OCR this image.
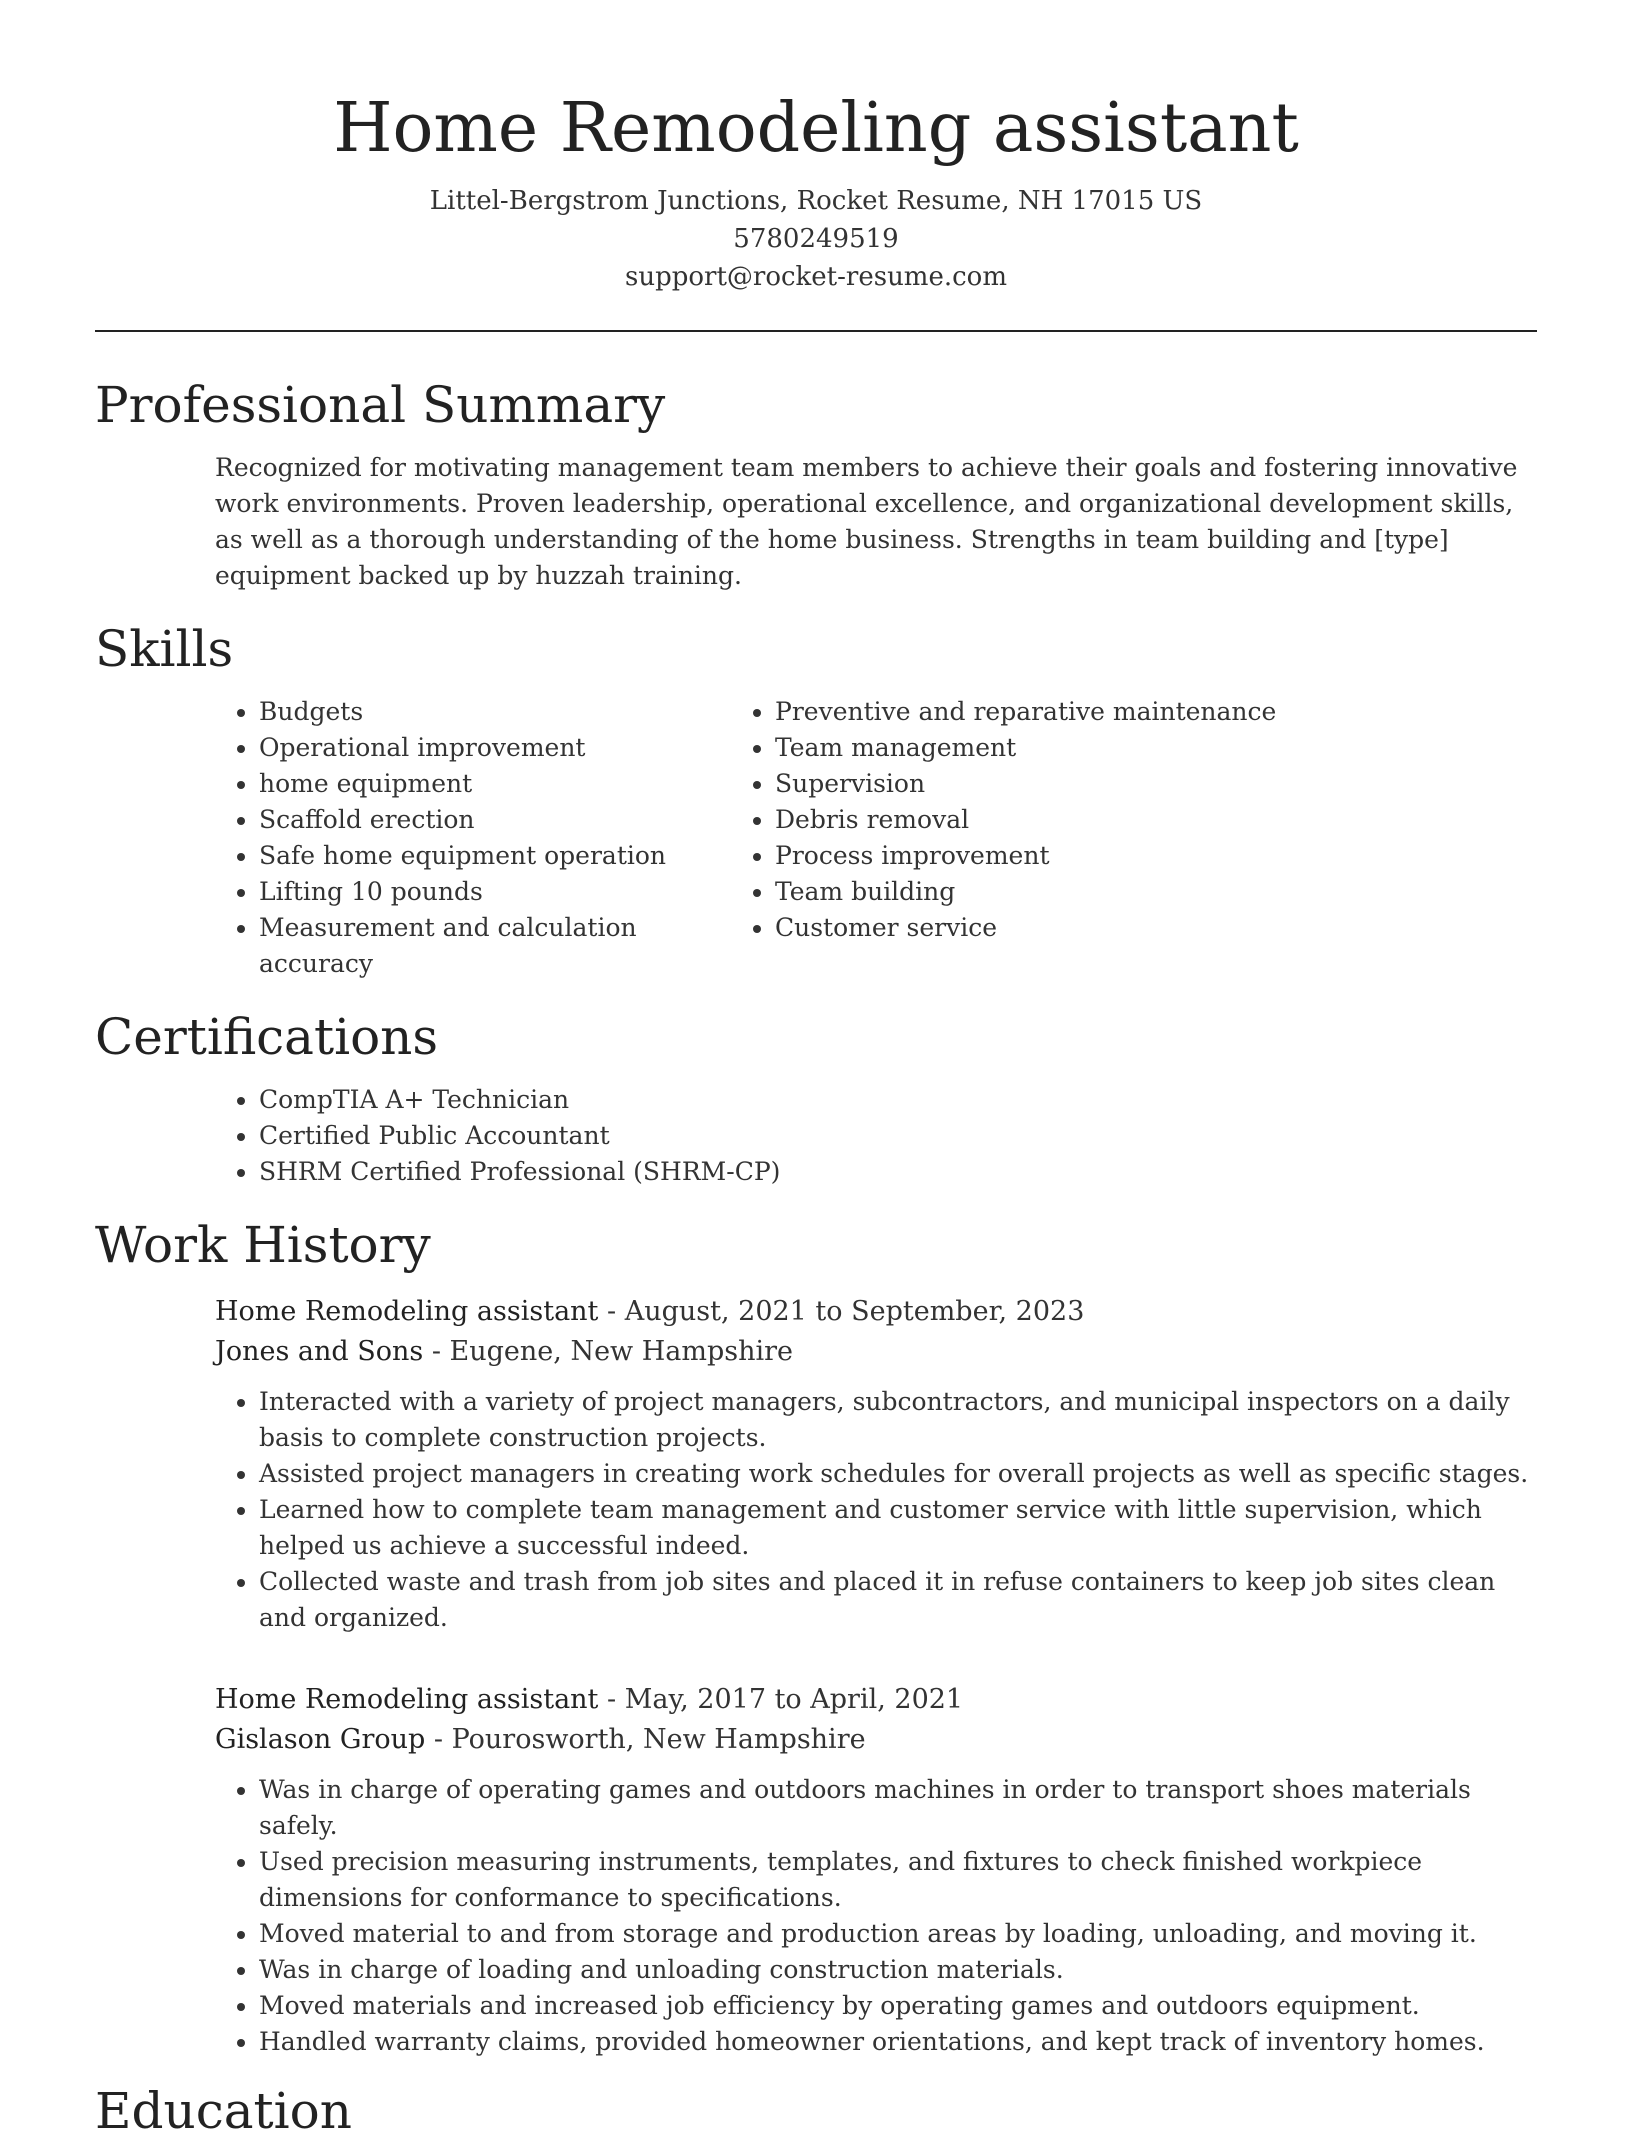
Home Remodeling assistant
Littel-Bergstrom Junctions, Rocket Resume, NH 17015 US
5780249519
support@rocket-resume.com
Professional Summary

Recognized for motivating management team members to achieve their goals and fostering innovative work environments. Proven leadership, operational excellence, and organizational development skills, as well as a thorough understanding of the home business. Strengths in team building and [type] equipment backed up by huzzah training.

Skills
• Budgets
• Operational improvement
• home equipment
• Scaffold erection
• Safe home equipment operation
• Lifting 10 pounds
• Measurement and calculation accuracy
• Preventive and reparative maintenance
• Team management
• Supervision
• Debris removal
• Process improvement
• Team building
• Customer service
Certifications
• CompTIA A+ Technician
• Certified Public Accountant
• SHRM Certified Professional (SHRM-CP)
Work History
Home Remodeling assistant - August, 2021 to September, 2023
Jones and Sons - Eugene, New Hampshire
• Interacted with a variety of project managers, subcontractors, and municipal inspectors on a daily basis to complete construction projects.
• Assisted project managers in creating work schedules for overall projects as well as specific stages.
• Learned how to complete team management and customer service with little supervision, which helped us achieve a successful indeed.
• Collected waste and trash from job sites and placed it in refuse containers to keep job sites clean and organized.
Home Remodeling assistant - May, 2017 to April, 2021
Gislason Group - Pourosworth, New Hampshire
• Was in charge of operating games and outdoors machines in order to transport shoes materials safely.
• Used precision measuring instruments, templates, and fixtures to check finished workpiece dimensions for conformance to specifications.
• Moved material to and from storage and production areas by loading, unloading, and moving it.
• Was in charge of loading and unloading construction materials.
• Moved materials and increased job efficiency by operating games and outdoors equipment.
• Handled warranty claims, provided homeowner orientations, and kept track of inventory homes.
Education
